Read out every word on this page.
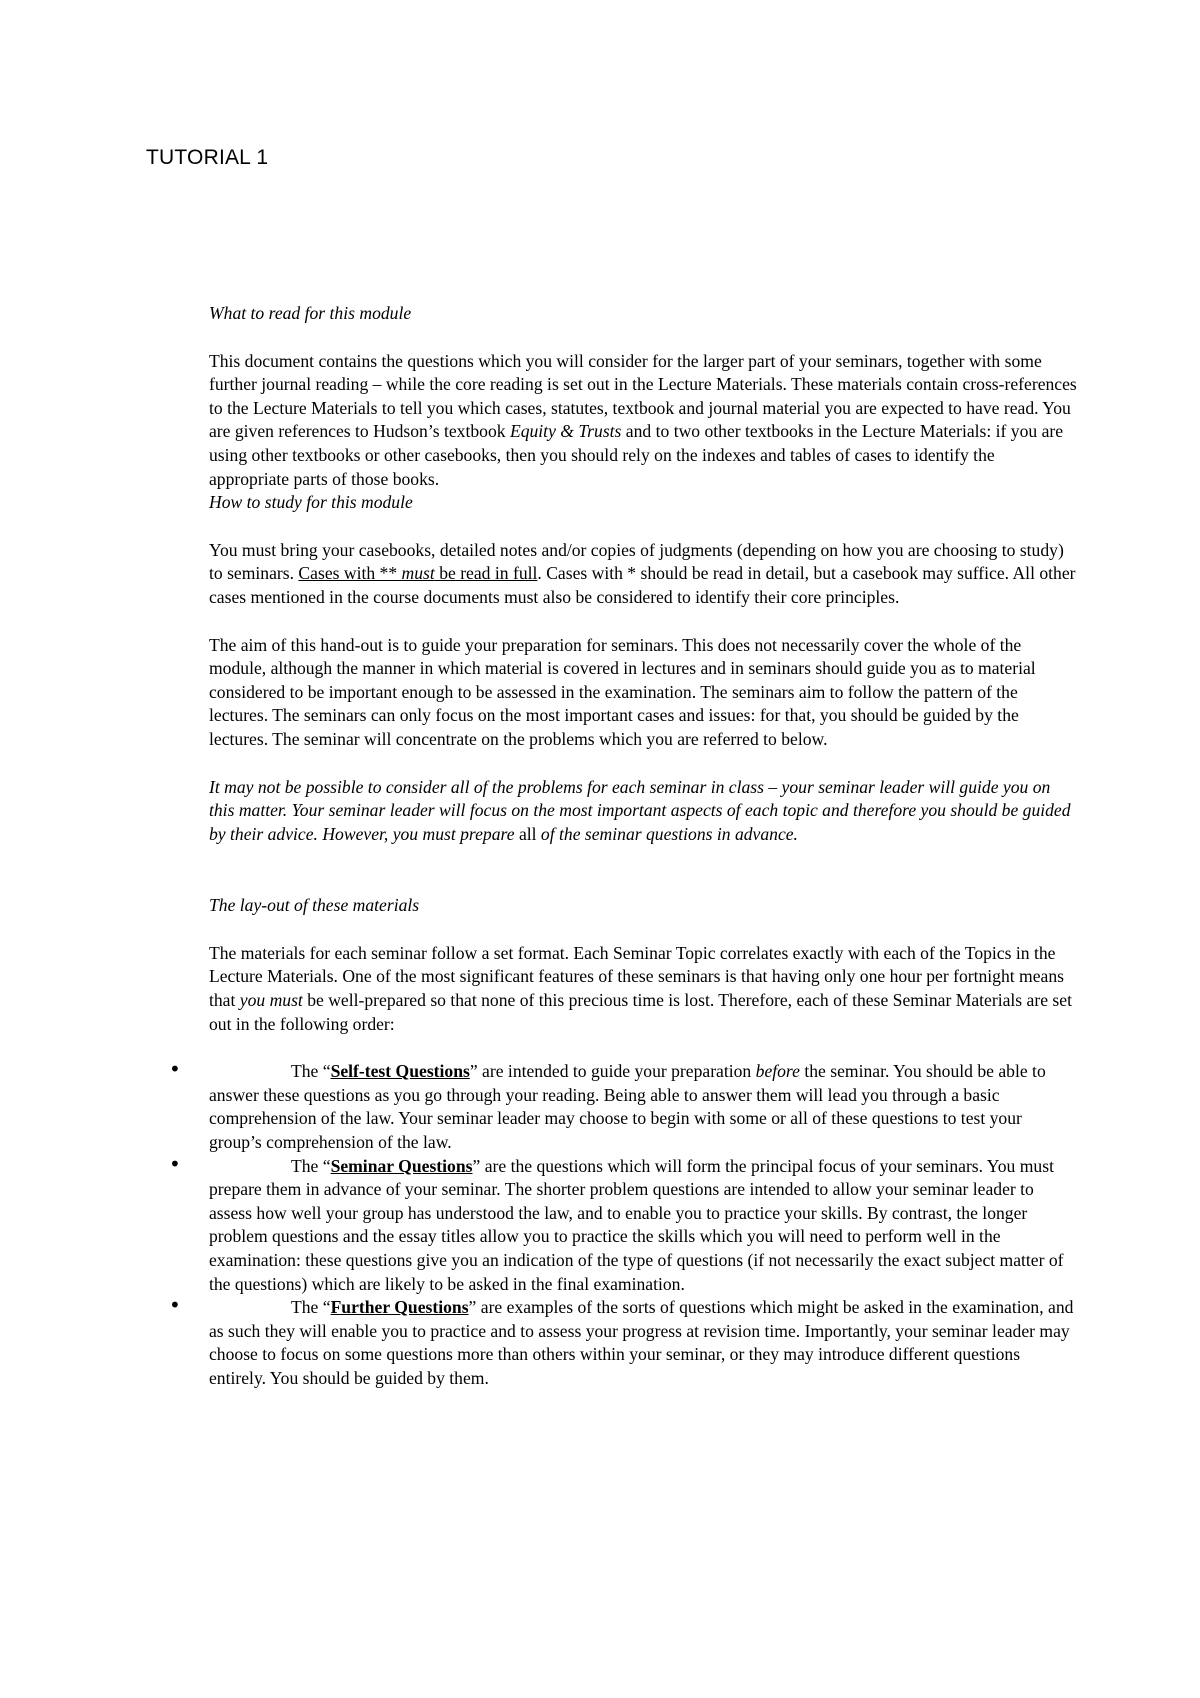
TUTORIAL 1

What to read for this module

This document contains the questions which you will consider for the larger part of your seminars, together with some further journal reading – while the core reading is set out in the Lecture Materials. These materials contain cross-references to the Lecture Materials to tell you which cases, statutes, textbook and journal material you are expected to have read. You are given references to Hudson’s textbook Equity & Trusts and to two other textbooks in the Lecture Materials: if you are using other textbooks or other casebooks, then you should rely on the indexes and tables of cases to identify the appropriate parts of those books.

How to study for this module

You must bring your casebooks, detailed notes and/or copies of judgments (depending on how you are choosing to study) to seminars. Cases with ** must be read in full. Cases with * should be read in detail, but a casebook may suffice. All other cases mentioned in the course documents must also be considered to identify their core principles.

The aim of this hand-out is to guide your preparation for seminars. This does not necessarily cover the whole of the module, although the manner in which material is covered in lectures and in seminars should guide you as to material considered to be important enough to be assessed in the examination. The seminars aim to follow the pattern of the lectures. The seminars can only focus on the most important cases and issues: for that, you should be guided by the lectures. The seminar will concentrate on the problems which you are referred to below.

It may not be possible to consider all of the problems for each seminar in class – your seminar leader will guide you on this matter. Your seminar leader will focus on the most important aspects of each topic and therefore you should be guided by their advice. However, you must prepare all of the seminar questions in advance.

The lay-out of these materials

The materials for each seminar follow a set format. Each Seminar Topic correlates exactly with each of the Topics in the Lecture Materials. One of the most significant features of these seminars is that having only one hour per fortnight means that you must be well-prepared so that none of this precious time is lost. Therefore, each of these Seminar Materials are set out in the following order:

•	The “Self-test Questions” are intended to guide your preparation before the seminar. You should be able to answer these questions as you go through your reading. Being able to answer them will lead you through a basic comprehension of the law. Your seminar leader may choose to begin with some or all of these questions to test your group’s comprehension of the law.
•	The “Seminar Questions” are the questions which will form the principal focus of your seminars. You must prepare them in advance of your seminar. The shorter problem questions are intended to allow your seminar leader to assess how well your group has understood the law, and to enable you to practice your skills. By contrast, the longer problem questions and the essay titles allow you to practice the skills which you will need to perform well in the examination: these questions give you an indication of the type of questions (if not necessarily the exact subject matter of the questions) which are likely to be asked in the final examination.
•	The “Further Questions” are examples of the sorts of questions which might be asked in the examination, and as such they will enable you to practice and to assess your progress at revision time. Importantly, your seminar leader may choose to focus on some questions more than others within your seminar, or they may introduce different questions entirely. You should be guided by them.
